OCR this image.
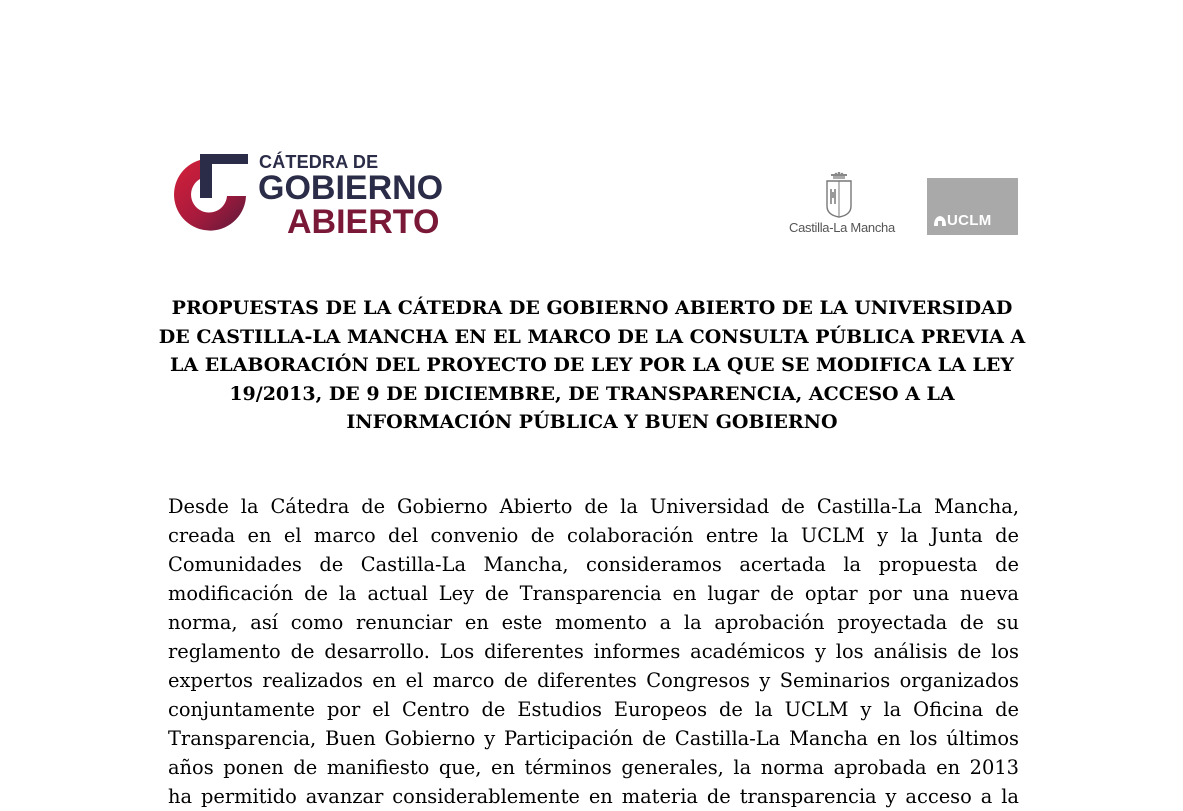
CÁTEDRA DE
GOBIERNO
ABIERTO	Castilla-La Mancha	UCLM
PROPUESTAS DE LA CÁTEDRA DE GOBIERNO ABIERTO DE LA UNIVERSIDAD
DE CASTILLA-LA MANCHA EN EL MARCO DE LA CONSULTA PÚBLICA PREVIA A
LA ELABORACIÓN DEL PROYECTO DE LEY POR LA QUE SE MODIFICA LA LEY
19/2013, DE 9 DE DICIEMBRE, DE TRANSPARENCIA, ACCESO A LA
INFORMACIÓN PÚBLICA Y BUEN GOBIERNO
Desde la Cátedra de Gobierno Abierto de la Universidad de Castilla-La Mancha,
creada en el marco del convenio de colaboración entre la UCLM y la Junta de
Comunidades de Castilla-La Mancha, consideramos acertada la propuesta de
modificación de la actual Ley de Transparencia en lugar de optar por una nueva
norma, así como renunciar en este momento a la aprobación proyectada de su
reglamento de desarrollo. Los diferentes informes académicos y los análisis de los
expertos realizados en el marco de diferentes Congresos y Seminarios organizados
conjuntamente por el Centro de Estudios Europeos de la UCLM y la Oficina de
Transparencia, Buen Gobierno y Participación de Castilla-La Mancha en los últimos
años ponen de manifiesto que, en términos generales, la norma aprobada en 2013
ha permitido avanzar considerablemente en materia de transparencia y acceso a la
